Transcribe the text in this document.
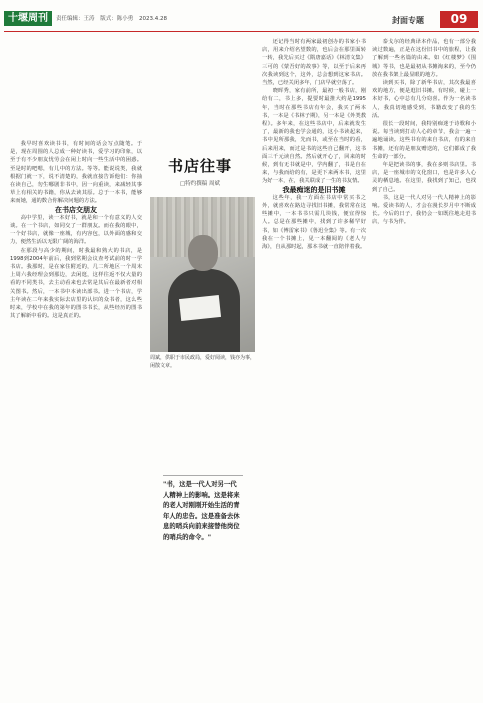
十堰周刊	责任编辑：王涛 版式：陈小勇 2023.4.28	封面专题	09

我早时喜欢读书书，有时间的话会写点随笔。于是，现在周围的人总成一种好读书，爱学习的印象，以至于有不少朋友忧劳会在闲上时向一些生活中的困惑。至是时的吧嗯，有儿中的方法。等等。能说说类，我就根据门就一下，说不清楚的，我就直接告诉他们：你抽在读自己，勿生哪剧非书中，因一向重读，来减轻其事草上有相关的书籍，你从去读其原。总于一本书，能够来而她，通的数合你解决问题的方法。

在书店交朋友

高中学里，读一本好书，就是和一个有意义的人交谈。在一个书店，如同交了一群朋友。而在我的眼中，一个好书店，就像一座城，有内容包，以外面的感和交力，便然生活以无限广阔的海洋。

在那段与高少的期间，时我最和熟大的书店，是1998到2004年前后，我到常期会议查考试前的时一学书店。我那时，是在家住附近的，几二所地区一个周末上周六我经理会到那边，去闲逛，这样往返不仅大量的看的不同类书，去主动看来也去常是其后在最新者对相关图书。然后，一本书中本读出部书。进一个书店，学主年读在二年来我实际去店里的认识的众书者，这么些时来，学校中在我的第年的图书书长，从些经历的图书其了解新中看的。这是真正的。

书店往事
□特约撰稿 周斌
周斌，供职于市民政局，爱好阅读，钱亦为事，闲散文章。
"书，这是一代人对另一代人精神上的影响。这是将来的老人对刚刚开始生活的青年人的忠告。这是准备去休息的哨兵向前来接替他岗位的哨兵的命令。"

还记得当时有两家最初创办的书家小书店，用来介绍名望数的，也后会在那里面转一转，我先后买过《隋唐嘉话》《林清文集》三可的《蒙吾好的故事》等，以至于后来再次我读到这个，这外，总会想到这家书店。当然，已经关闭多年，门店早就空荡了。

晓晖秀，家有前所，最初一般书店，刚给有二，书上多，提要时最推大约是1995年，当时在那些书店有年会，我买了两本书，一本是《书林子期》，另一本是《外类教程》。多年来，在这些书店中，后来就发生了，最新的我也学会通的，这小书读起来，书中见所那我，先而书，或至在当时的看，后来用来，而过是书的这些自己翻开，这书面三千元读自然。然后就开心了，回来的时候，到有无书就是中，学内翻了，书是自在来，与我而给的有，是更下来两本书，这里为好一本，在，我关联成了一生的书友情。

我最痴迷的是旧书摊

这些年，我一方面在书店中常买书之外，就喜欢在路边寻找旧书摊，我常常在这些摊中，一本书书只需几块钱，便宜得惊人。总是在那些摊中，找到了许多稀罕好书，如《傅雷家书》《鲁迅全集》等。有一次我在一个书摊上，见一本翻阅的《老人与海》，自从那时起，那本书就一直陪伴着我。

泰戈尔的经典译本作品，也有一部分我读过数遍，正是在这份旧书中的旅程，让我了解到一些名篇的由来。如《红楼梦》《围城》等书，也是最初从书摊淘来的，至今仍放在我书架上最显眼的地方。

读到买书，除了新华书店，其次我最喜欢的地方，便是逛旧书摊。有时候，碰上一本好书，心中总有几分窃喜。作为一名读书人，我真切地感受到，书籍改变了我的生活。

很长一段时间，我特别痴迷于诗歌和小说。每当读到打动人心的章节，我会一遍一遍地诵读。这些书有的来自书店，有的来自书摊，还有的是朋友赠送的，它们都成了我生命的一部分。

年是把读书的事，我在多则书店里。书店，是一座城市的文化窗口，也是许多人心灵的栖息地。在这里，我找到了知己，也找到了自己。

书，这是一代人对另一代人精神上的影响。爱读书的人，才会在漫长岁月中不断成长。今后的日子，我仍会一如既往地走进书店，与书为伴。
